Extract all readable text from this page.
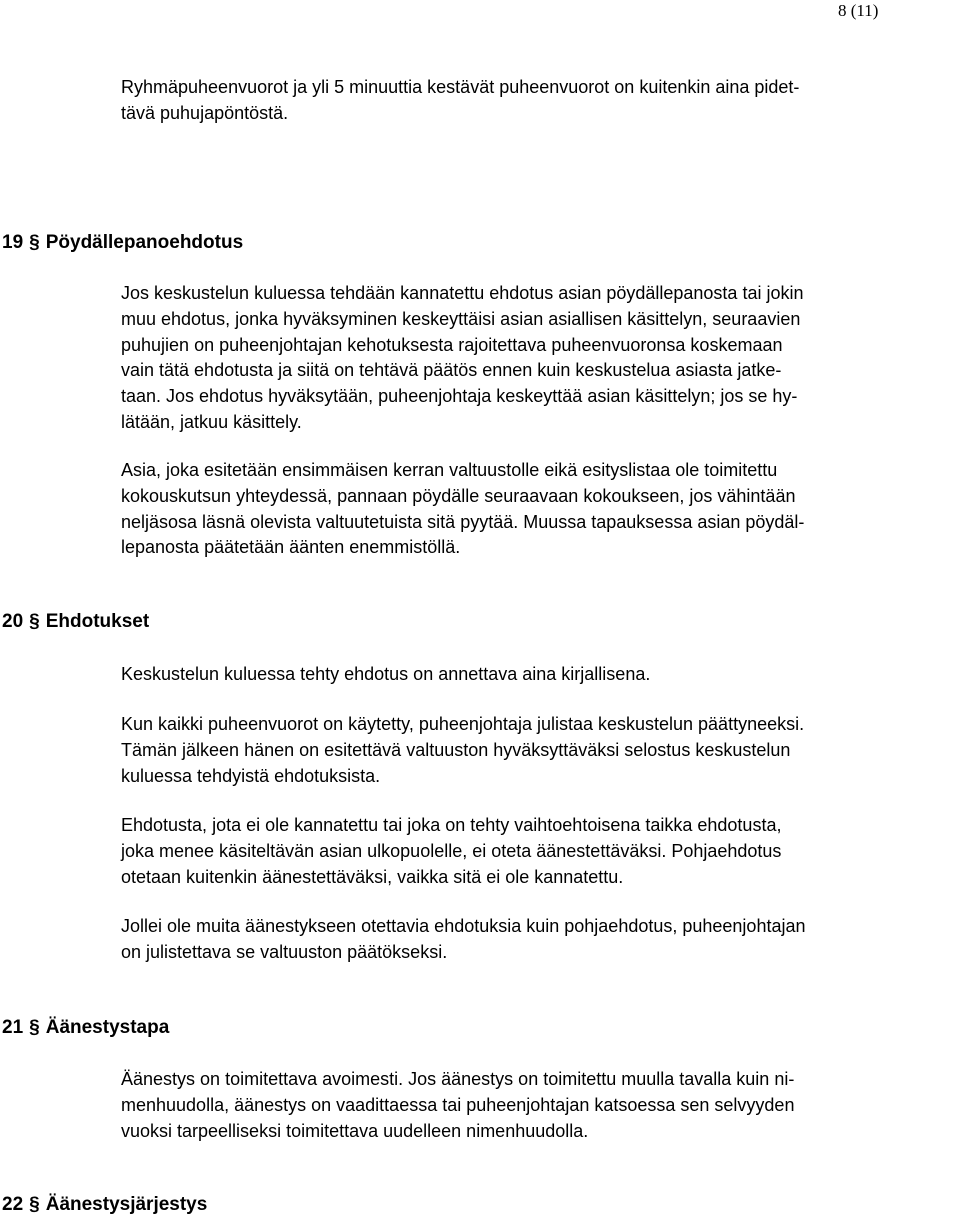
8 (11)

Ryhmäpuheenvuorot ja yli 5 minuuttia kestävät puheenvuorot on kuitenkin aina pidet-
tävä puhujapöntöstä.

19 § Pöydällepanoehdotus

Jos keskustelun kuluessa tehdään kannatettu ehdotus asian pöydällepanosta tai jokin
muu ehdotus, jonka hyväksyminen keskeyttäisi asian asiallisen käsittelyn, seuraavien
puhujien on puheenjohtajan kehotuksesta rajoitettava puheenvuoronsa koskemaan
vain tätä ehdotusta ja siitä on tehtävä päätös ennen kuin keskustelua asiasta jatke-
taan. Jos ehdotus hyväksytään, puheenjohtaja keskeyttää asian käsittelyn; jos se hy-
lätään, jatkuu käsittely.

Asia, joka esitetään ensimmäisen kerran valtuustolle eikä esityslistaa ole toimitettu
kokouskutsun yhteydessä, pannaan pöydälle seuraavaan kokoukseen, jos vähintään
neljäsosa läsnä olevista valtuutetuista sitä pyytää. Muussa tapauksessa asian pöydäl-
lepanosta päätetään äänten enemmistöllä.

20 § Ehdotukset

Keskustelun kuluessa tehty ehdotus on annettava aina kirjallisena.

Kun kaikki puheenvuorot on käytetty, puheenjohtaja julistaa keskustelun päättyneeksi.
Tämän jälkeen hänen on esitettävä valtuuston hyväksyttäväksi selostus keskustelun
kuluessa tehdyistä ehdotuksista.

Ehdotusta, jota ei ole kannatettu tai joka on tehty vaihtoehtoisena taikka ehdotusta,
joka menee käsiteltävän asian ulkopuolelle, ei oteta äänestettäväksi. Pohjaehdotus
otetaan kuitenkin äänestettäväksi, vaikka sitä ei ole kannatettu.

Jollei ole muita äänestykseen otettavia ehdotuksia kuin pohjaehdotus, puheenjohtajan
on julistettava se valtuuston päätökseksi.

21 § Äänestystapa

Äänestys on toimitettava avoimesti. Jos äänestys on toimitettu muulla tavalla kuin ni-
menhuudolla, äänestys on vaadittaessa tai puheenjohtajan katsoessa sen selvyyden
vuoksi tarpeelliseksi toimitettava uudelleen nimenhuudolla.

22 § Äänestysjärjestys
